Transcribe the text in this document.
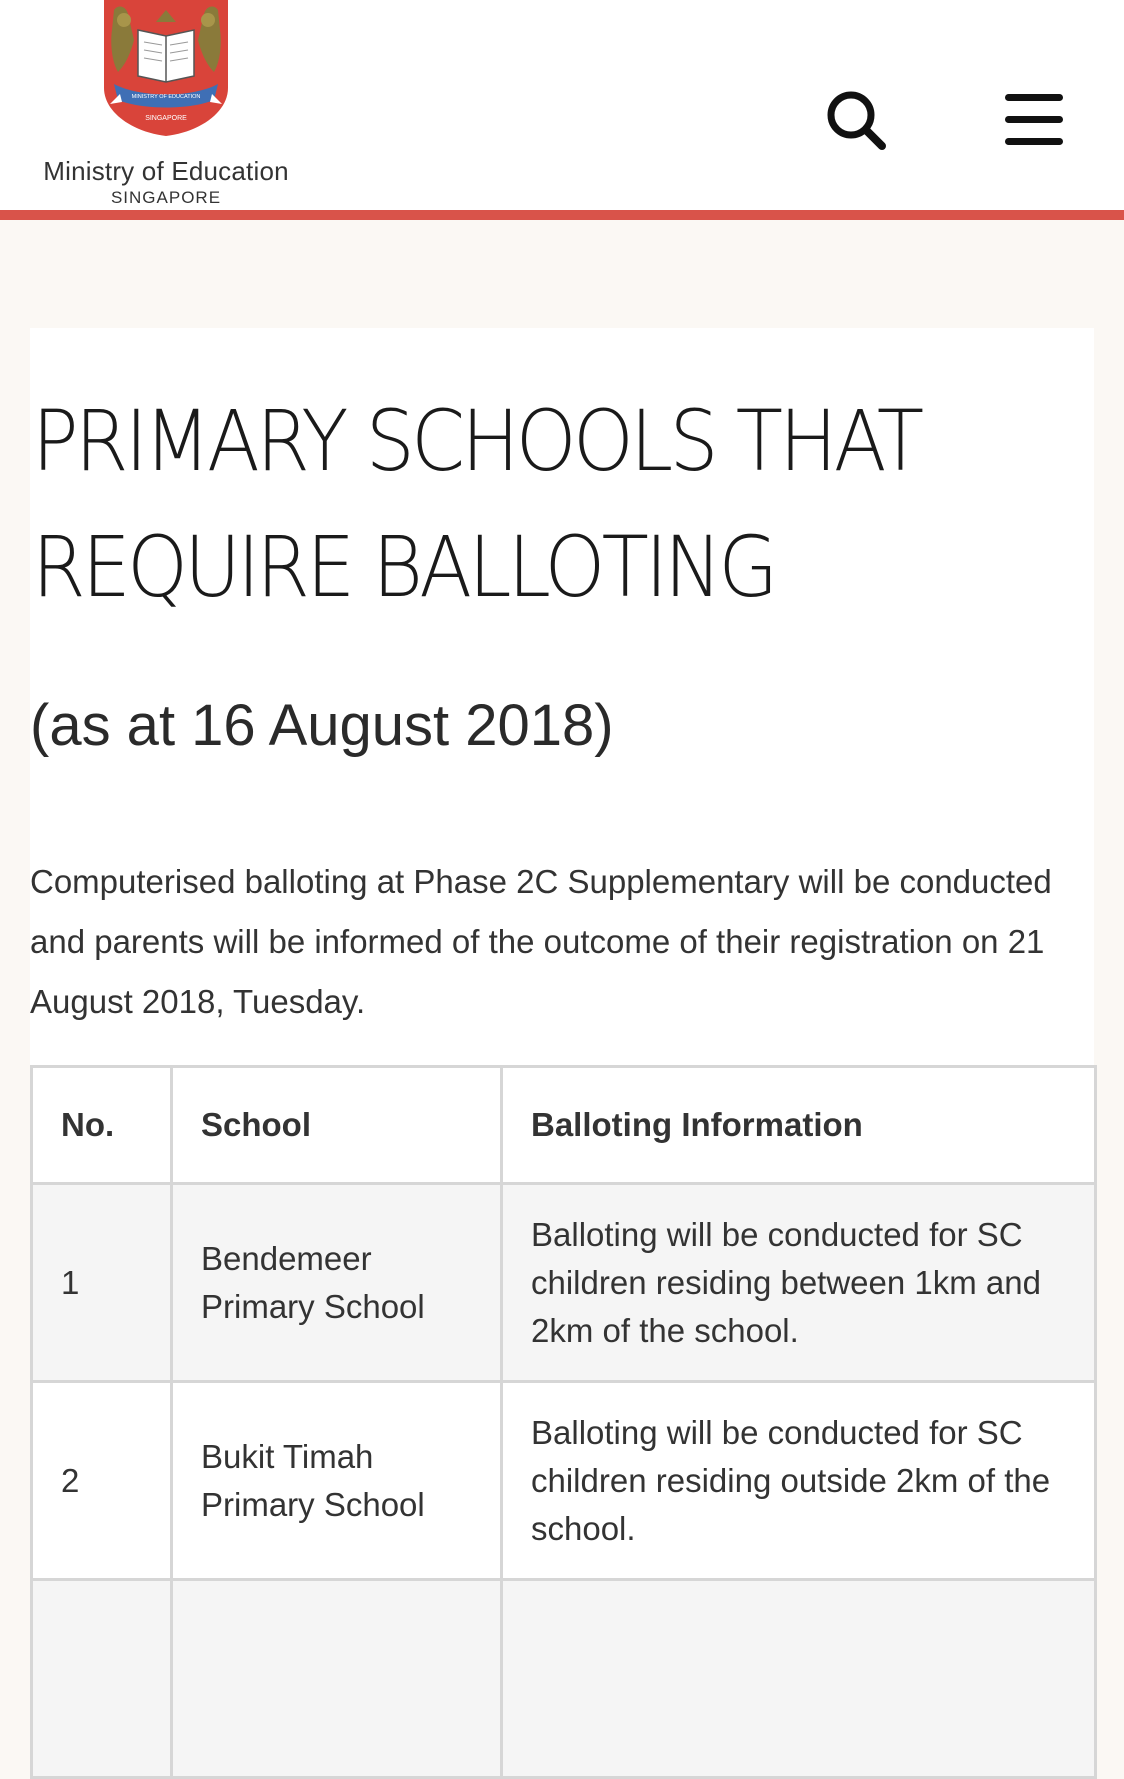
SINGAPORE
MINISTRY OF EDUCATION
Ministry of Education
SINGAPORE
PRIMARY SCHOOLS THAT REQUIRE BALLOTING
(as at 16 August 2018)

Computerised balloting at Phase 2C Supplementary will be conducted and parents will be informed of the outcome of their registration on 21 August 2018, Tuesday.

No.	School	Balloting Information
1	Bendemeer Primary School	Balloting will be conducted for SC children residing between 1km and 2km of the school.
2	Bukit Timah Primary School	Balloting will be conducted for SC children residing outside 2km of the school.
